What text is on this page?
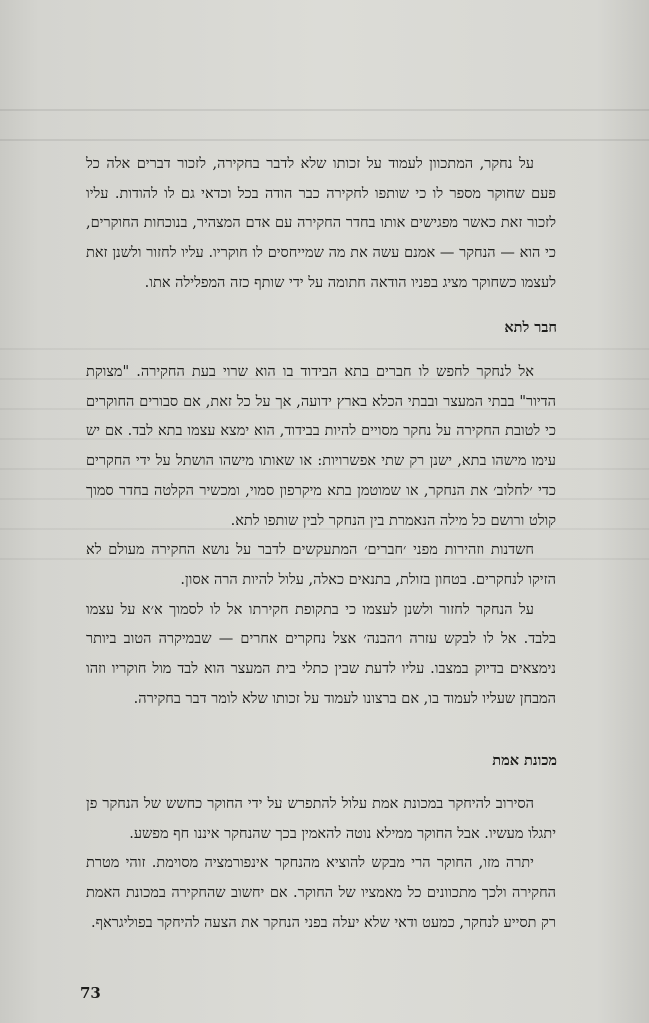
על נחקר, המתכוון לעמוד על זכותו שלא לדבר בחקירה, לזכור דברים אלה כל פעם שחוקר מספר לו כי שותפו לחקירה כבר הודה בכל וכדאי גם לו להודות. עליו לזכור זאת כאשר מפגישים אותו בחדר החקירה עם אדם המצהיר, בנוכחות החוקרים, כי הוא — הנחקר — אמנם עשה את מה שמייחסים לו חוקריו. עליו לחזור ולשנן זאת לעצמו כשחוקר מציג בפניו הודאה חתומה על ידי שותף כזה המפלילה אתו.

חבר לתא

אל לנחקר לחפש לו חברים בתא הבידוד בו הוא שרוי בעת החקירה. "מצוקת הדיור" בבתי המעצר ובבתי הכלא בארץ ידועה, אך על כל זאת, אם סבורים החוקרים כי לטובת החקירה על נחקר מסויים להיות בבידוד, הוא ימצא עצמו בתא לבד. אם יש עימו מישהו בתא, ישנן רק שתי אפשרויות: או שאותו מישהו הושתל על ידי החקרים כדי ׳לחלוב׳ את הנחקר, או שמוטמן בתא מיקרפון סמוי, ומכשיר הקלטה בחדר סמוך קולט ורושם כל מילה הנאמרת בין הנחקר לבין שותפו לתא.

חשדנות וזהירות מפני ׳חברים׳ המתעקשים לדבר על נושא החקירה מעולם לא הזיקו לנחקרים. בטחון בזולת, בתנאים כאלה, עלול להיות הרה אסון.

על הנחקר לחזור ולשנן לעצמו כי בתקופת חקירתו אל לו לסמוך א׳א על עצמו בלבד. אל לו לבקש עזרה ו׳הבנה׳ אצל נחקרים אחרים — שבמיקרה הטוב ביותר נימצאים בדיוק במצבו. עליו לדעת שבין כתלי בית המעצר הוא לבד מול חוקריו וזהו המבחן שעליו לעמוד בו, אם ברצונו לעמוד על זכותו שלא לומר דבר בחקירה.

מכונת אמת

הסירוב להיחקר במכונת אמת עלול להתפרש על ידי החוקר כחשש של הנחקר פן יתגלו מעשיו. אבל החוקר ממילא נוטה להאמין בכך שהנחקר איננו חף מפשע.

יתרה מזו, החוקר הרי מבקש להוציא מהנחקר אינפורמציה מסוימת. זוהי מטרת החקירה ולכך מתכוונים כל מאמציו של החוקר. אם יחשוב שהחקירה במכונת האמת רק תסייע לנחקר, כמעט ודאי שלא יעלה בפני הנחקר את הצעה להיחקר בפוליגראף.

73
